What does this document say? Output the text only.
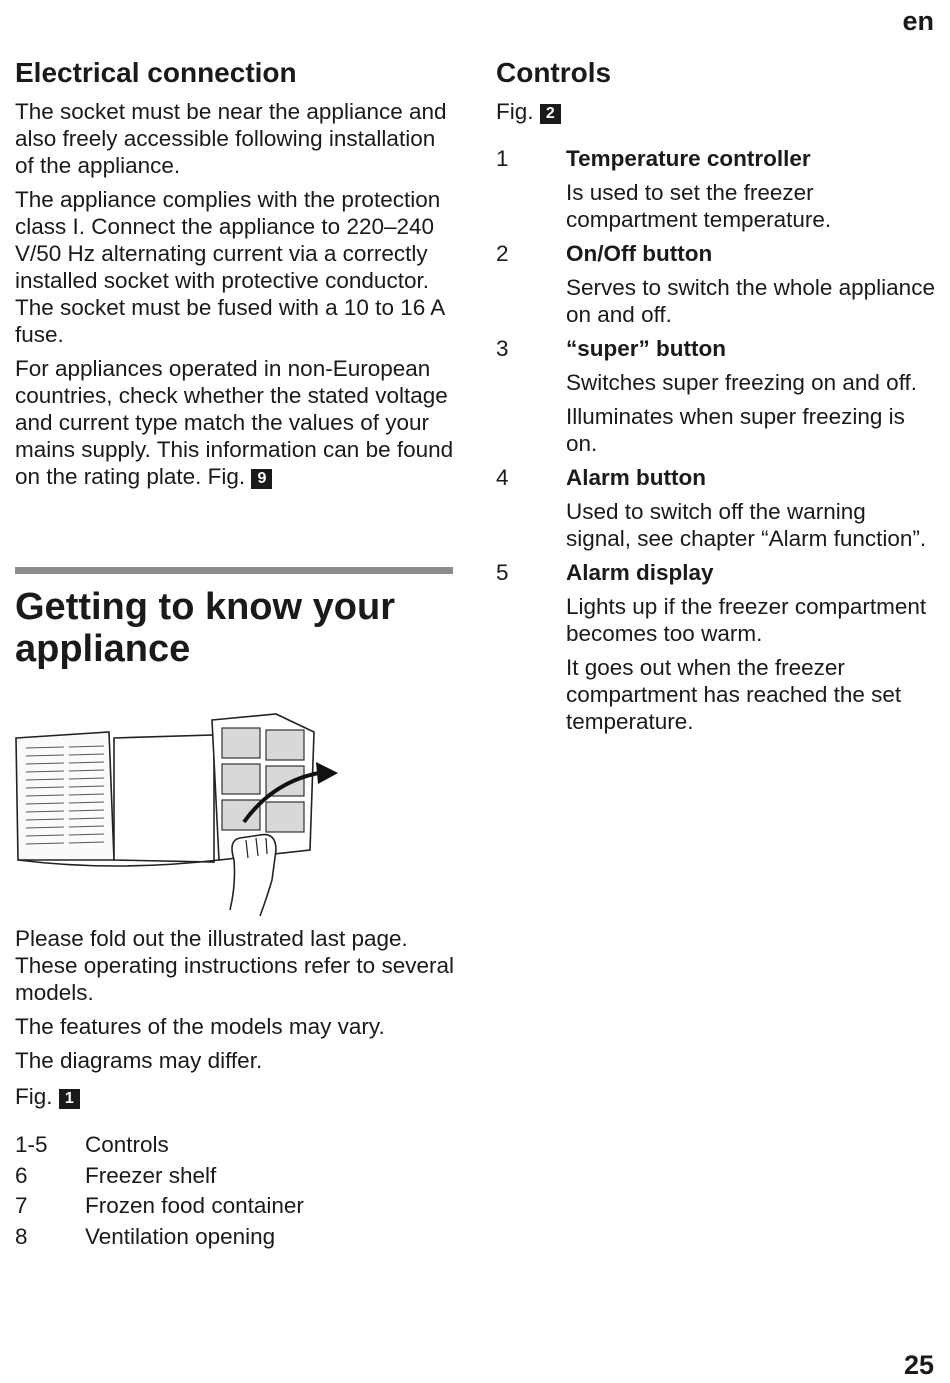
en
25
Electrical connection

The socket must be near the appliance and also freely accessible following installation of the appliance.

The appliance complies with the protection class I. Connect the appliance to 220–240 V/50 Hz alternating current via a correctly installed socket with protective conductor. The socket must be fused with a 10 to 16 A fuse.

For appliances operated in non-European countries, check whether the stated voltage and current type match the values of your mains supply. This information can be found on the rating plate. Fig. 9

Getting to know your
appliance

Please fold out the illustrated last page. These operating instructions refer to several models.

The features of the models may vary.

The diagrams may differ.

Fig. 1

1-5	Controls
6	Freezer shelf
7	Frozen food container
8	Ventilation opening
Controls

Fig. 2

1	Temperature controller
Is used to set the freezer compartment temperature.
2	On/Off button
Serves to switch the whole appliance on and off.
3	“super” button
Switches super freezing on and off.
Illuminates when super freezing is on.
4	Alarm button
Used to switch off the warning signal, see chapter “Alarm function”.
5	Alarm display
Lights up if the freezer compartment becomes too warm.
It goes out when the freezer compartment has reached the set temperature.
